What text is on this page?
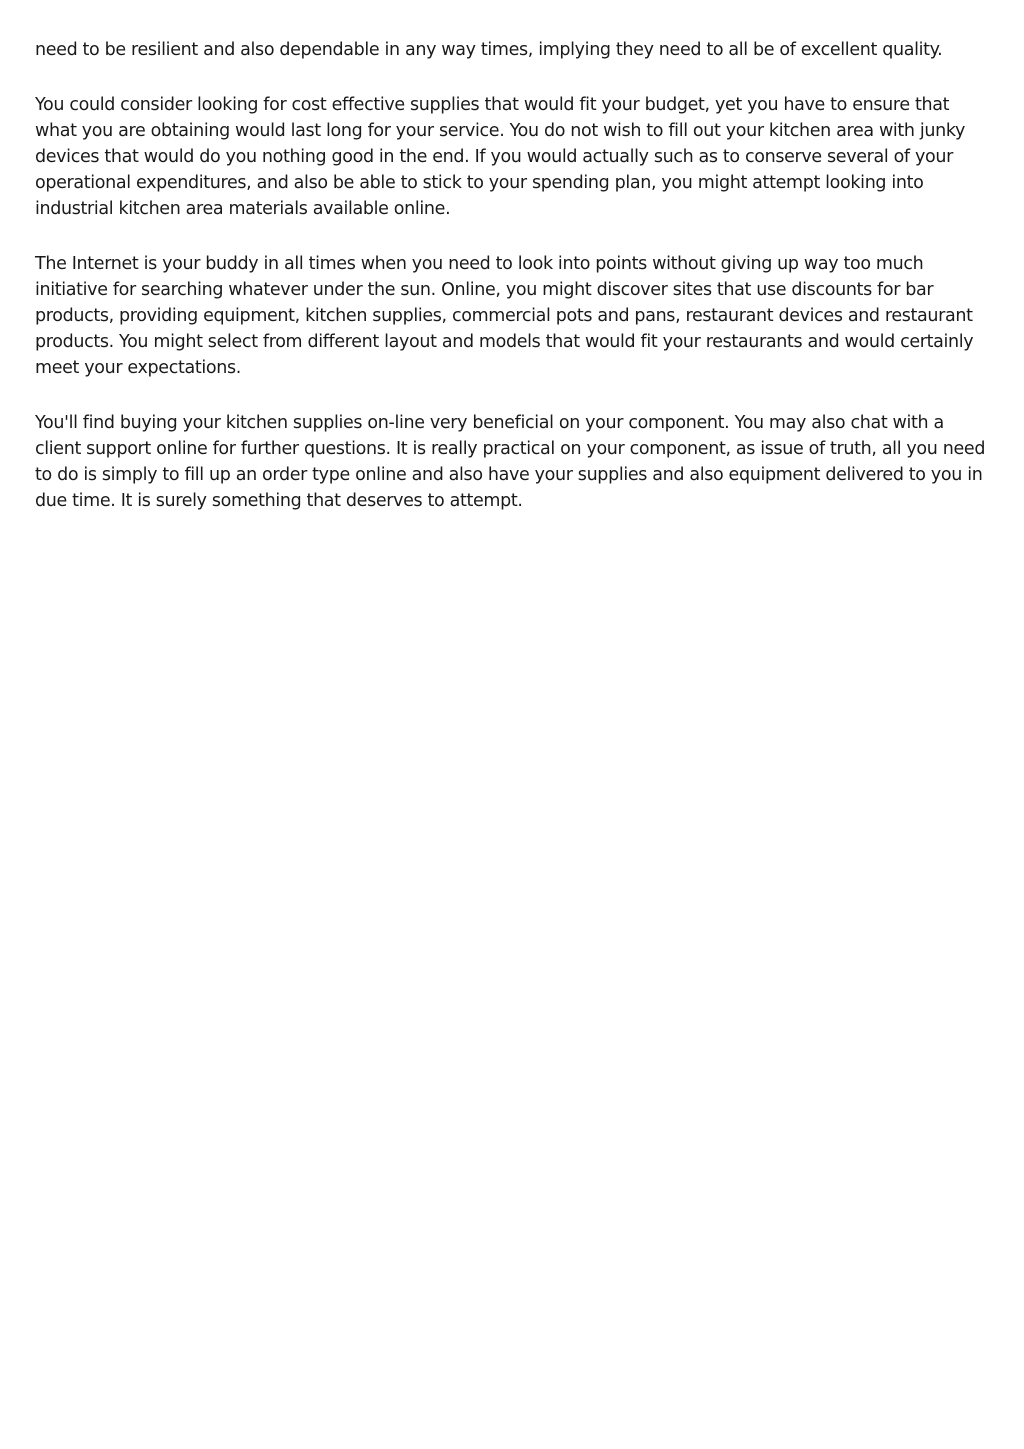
need to be resilient and also dependable in any way times, implying they need to all be of excellent quality.

You could consider looking for cost effective supplies that would fit your budget, yet you have to ensure that what you are obtaining would last long for your service. You do not wish to fill out your kitchen area with junky devices that would do you nothing good in the end. If you would actually such as to conserve several of your operational expenditures, and also be able to stick to your spending plan, you might attempt looking into industrial kitchen area materials available online.

The Internet is your buddy in all times when you need to look into points without giving up way too much initiative for searching whatever under the sun. Online, you might discover sites that use discounts for bar products, providing equipment, kitchen supplies, commercial pots and pans, restaurant devices and restaurant products. You might select from different layout and models that would fit your restaurants and would certainly meet your expectations.

You'll find buying your kitchen supplies on-line very beneficial on your component. You may also chat with a client support online for further questions. It is really practical on your component, as issue of truth, all you need to do is simply to fill up an order type online and also have your supplies and also equipment delivered to you in due time. It is surely something that deserves to attempt.
